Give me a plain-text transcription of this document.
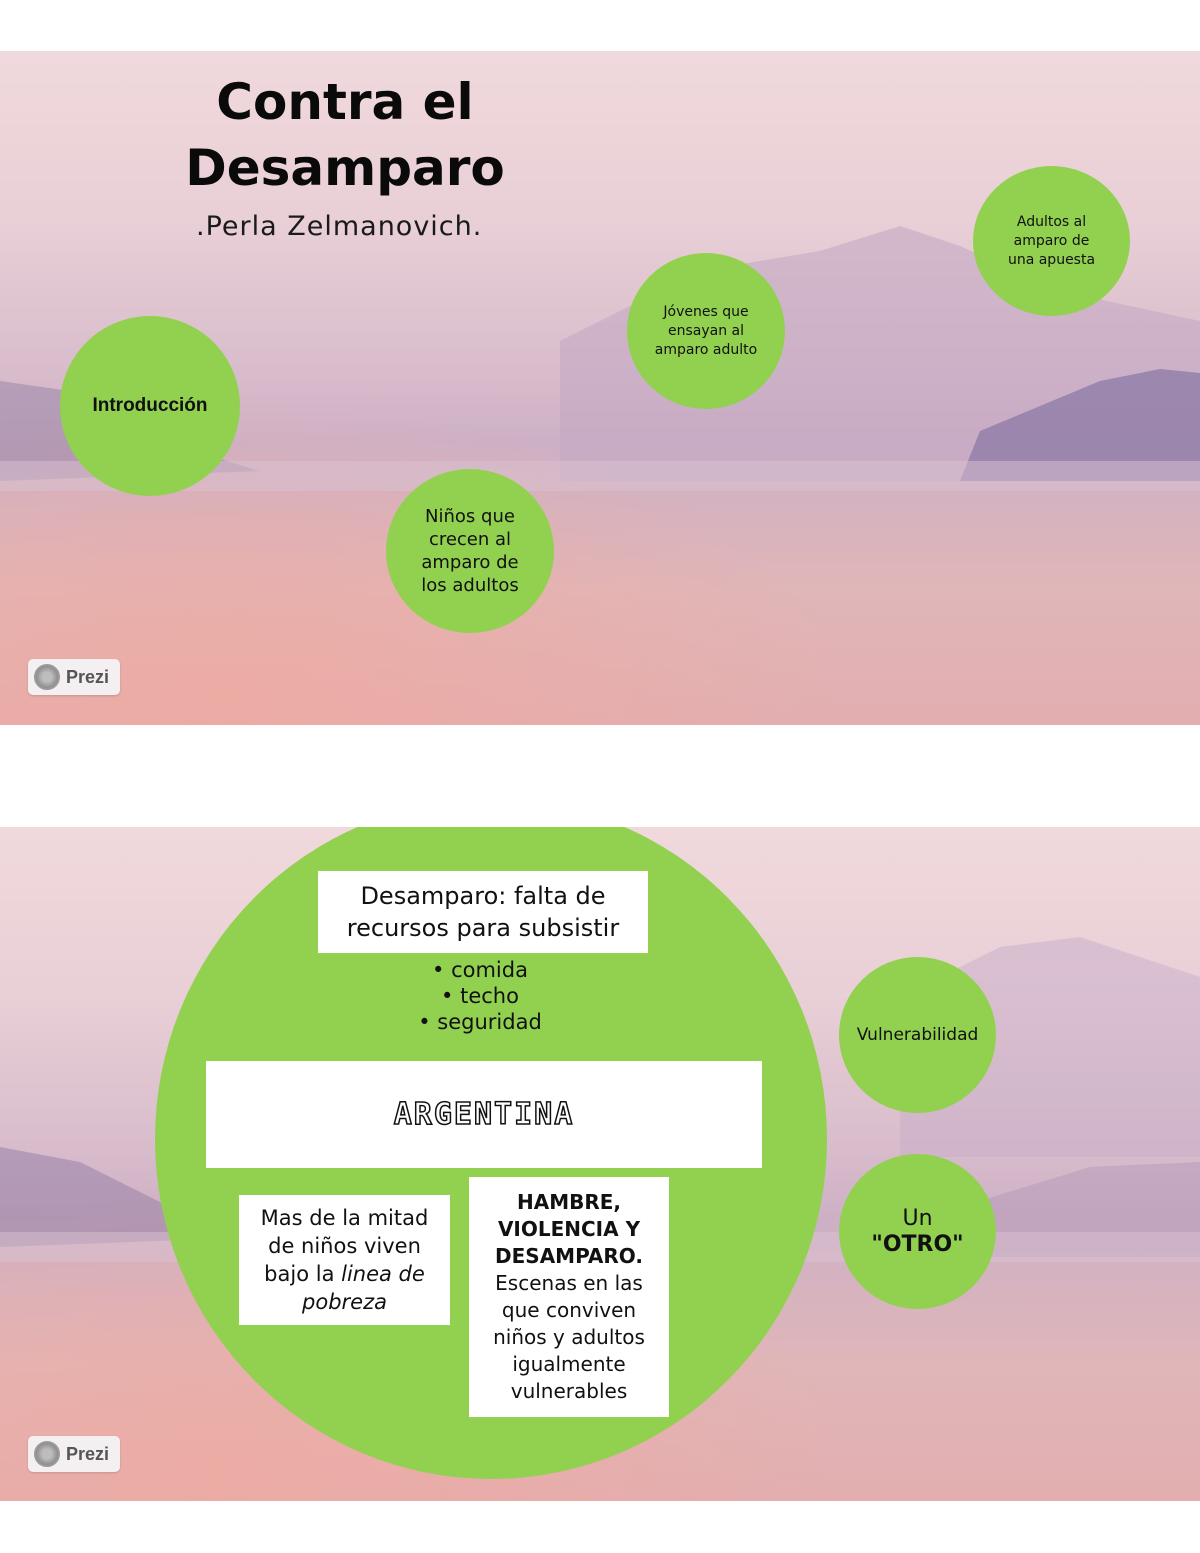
Contra el
Desamparo
.Perla Zelmanovich.
Introducción
Niños que crecen al amparo de los adultos
Jóvenes que ensayan al amparo adulto
Adultos al amparo de una apuesta
Prezi
Desamparo: falta de recursos para subsistir
• comida
• techo
• seguridad
ARGENTINA
Mas de la mitad de niños viven bajo la linea de pobreza
HAMBRE, VIOLENCIA Y DESAMPARO.
Escenas en las que conviven niños y adultos igualmente vulnerables
Vulnerabilidad
Un
"OTRO"
Prezi
